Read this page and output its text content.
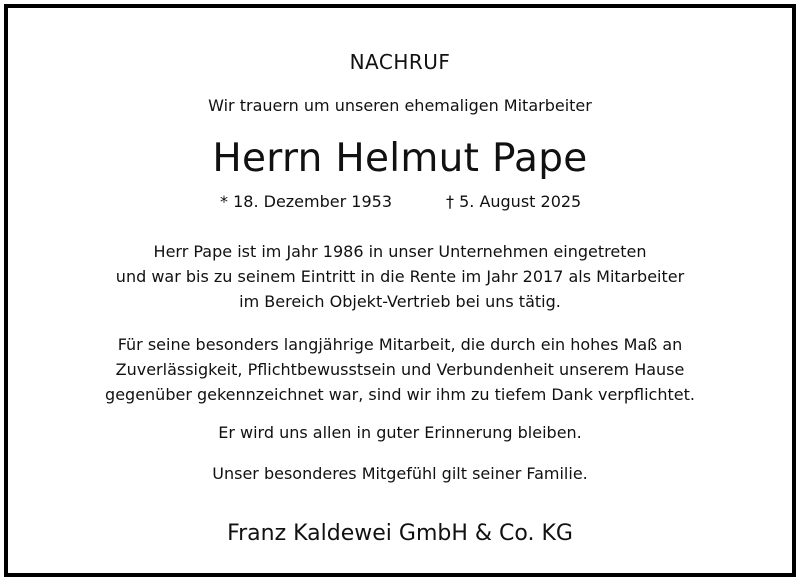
NACHRUF
Wir trauern um unseren ehemaligen Mitarbeiter
Herrn Helmut Pape
* 18. Dezember 1953	† 5. August 2025
Herr Pape ist im Jahr 1986 in unser Unternehmen eingetreten
und war bis zu seinem Eintritt in die Rente im Jahr 2017 als Mitarbeiter
im Bereich Objekt-Vertrieb bei uns tätig.
Für seine besonders langjährige Mitarbeit, die durch ein hohes Maß an
Zuverlässigkeit, Pflichtbewusstsein und Verbundenheit unserem Hause
gegenüber gekennzeichnet war, sind wir ihm zu tiefem Dank verpflichtet.
Er wird uns allen in guter Erinnerung bleiben.
Unser besonderes Mitgefühl gilt seiner Familie.
Franz Kaldewei GmbH & Co. KG
